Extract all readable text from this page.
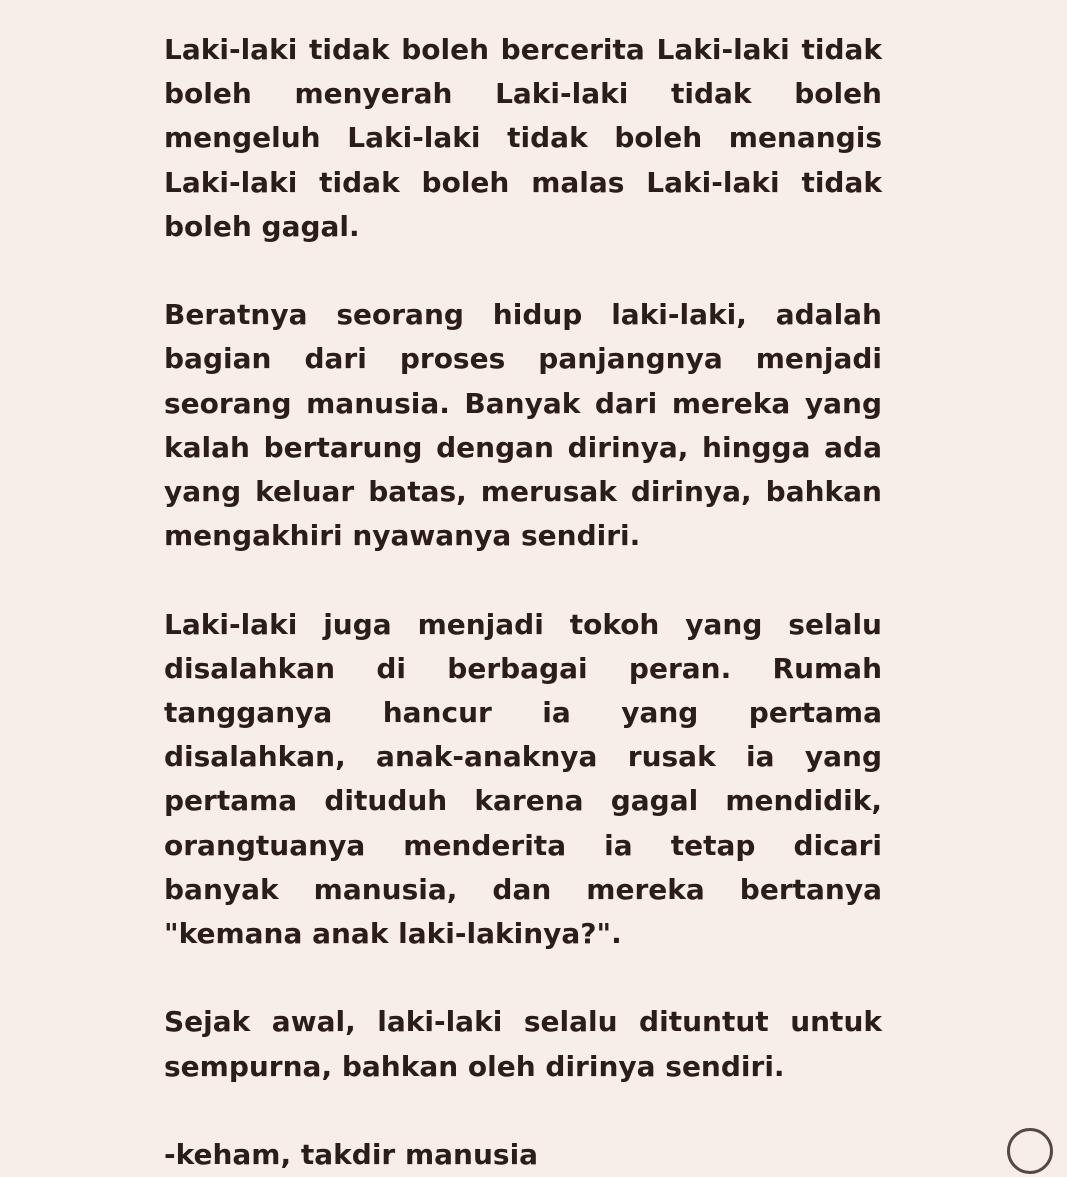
Laki-laki tidak boleh bercerita Laki-laki tidak boleh menyerah Laki-laki tidak boleh mengeluh Laki-laki tidak boleh menangis Laki-laki tidak boleh malas Laki-laki tidak boleh gagal.

Beratnya seorang hidup laki-laki, adalah bagian dari proses panjangnya menjadi seorang manusia. Banyak dari mereka yang kalah bertarung dengan dirinya, hingga ada yang keluar batas, merusak dirinya, bahkan mengakhiri nyawanya sendiri.

Laki-laki juga menjadi tokoh yang selalu disalahkan di berbagai peran. Rumah tangganya hancur ia yang pertama disalahkan, anak-anaknya rusak ia yang pertama dituduh karena gagal mendidik, orangtuanya menderita ia tetap dicari banyak manusia, dan mereka bertanya "kemana anak laki-lakinya?".

Sejak awal, laki-laki selalu dituntut untuk sempurna, bahkan oleh dirinya sendiri.

-keham, takdir manusia
